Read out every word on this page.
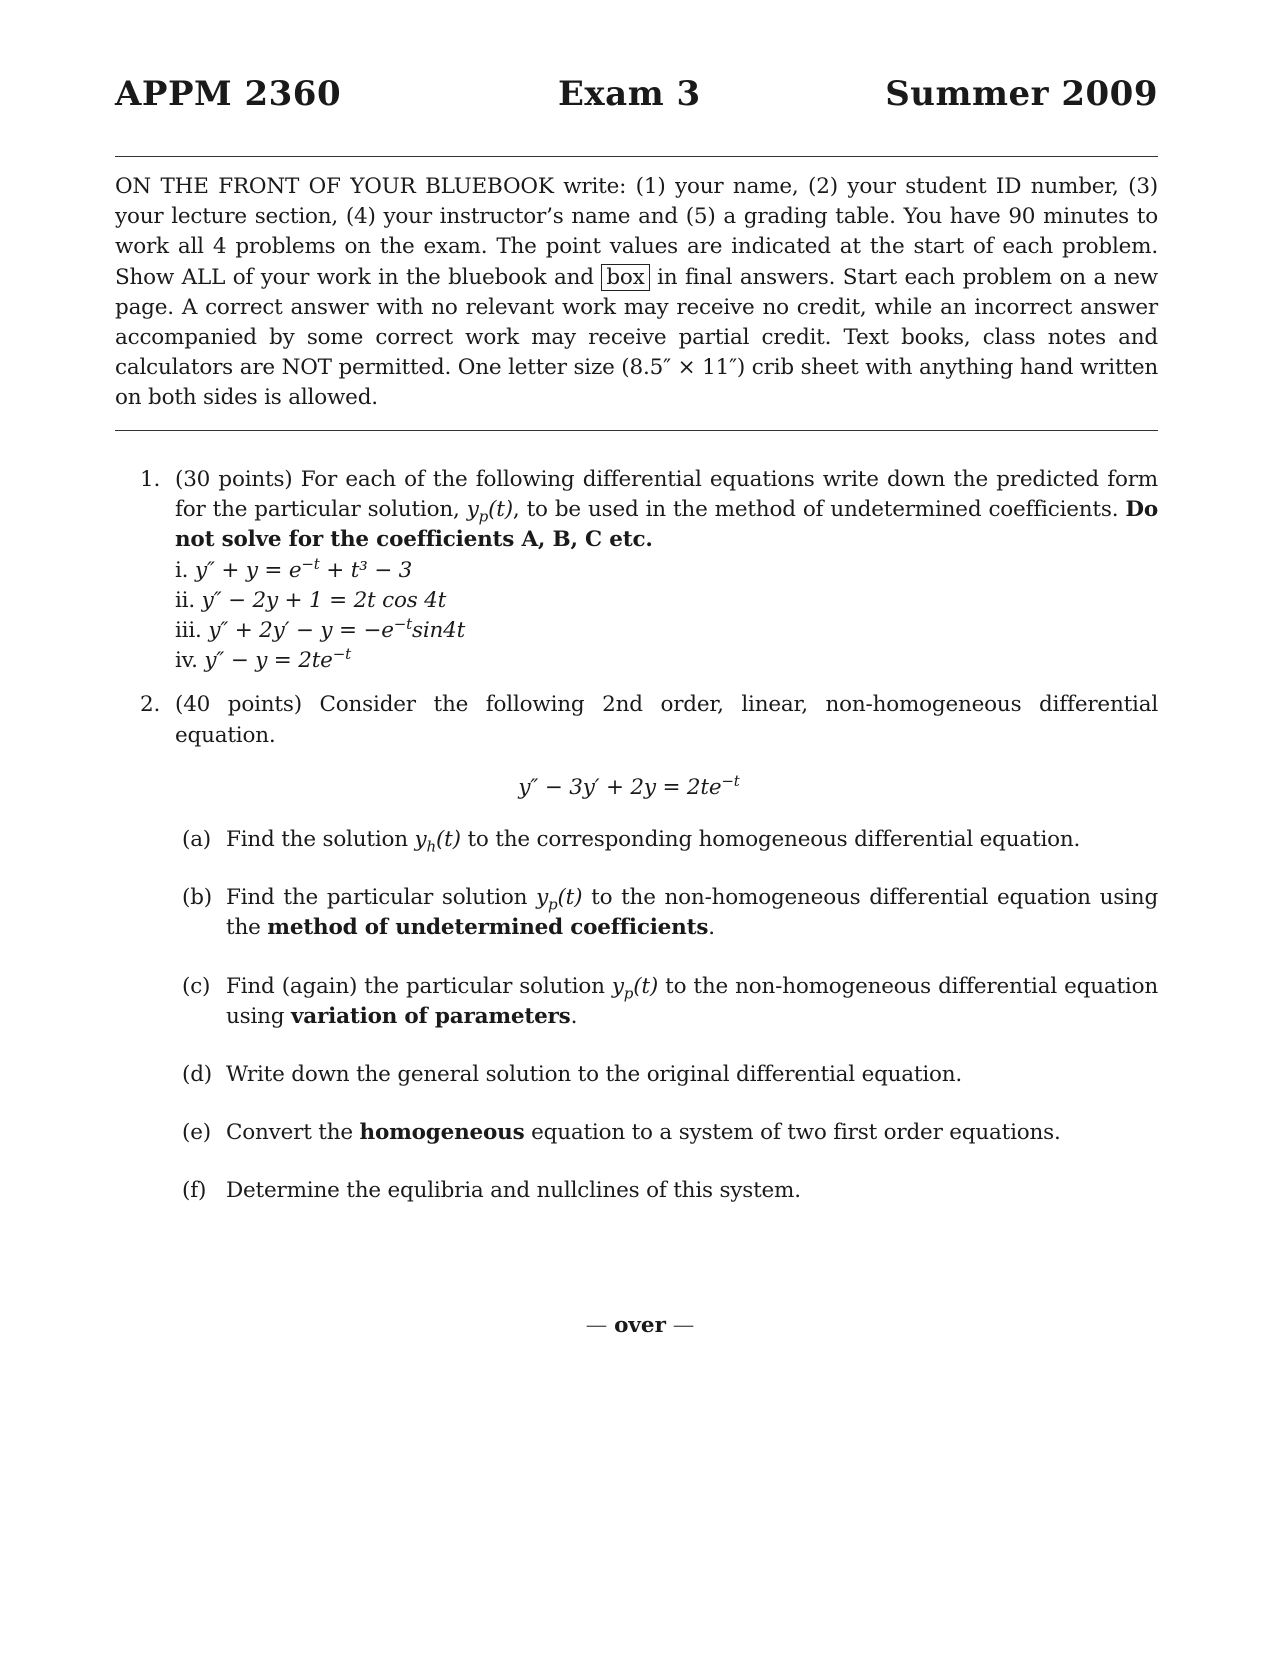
APPM 2360	Exam 3	Summer 2009
ON THE FRONT OF YOUR BLUEBOOK write: (1) your name, (2) your student ID number, (3) your lecture section, (4) your instructor’s name and (5) a grading table. You have 90 minutes to work all 4 problems on the exam. The point values are indicated at the start of each problem. Show ALL of your work in the bluebook and box in final answers. Start each problem on a new page. A correct answer with no relevant work may receive no credit, while an incorrect answer accompanied by some correct work may receive partial credit. Text books, class notes and calculators are NOT permitted. One letter size (8.5″ × 11″) crib sheet with anything hand written on both sides is allowed.
1. (30 points) For each of the following differential equations write down the predicted form for the particular solution, $y_p(t)$, to be used in the method of undetermined coefficients. Do not solve for the coefficients A, B, C etc.
i. $y'' + y = e^{-t} + t^3 - 3$
ii. y″ − 2y + 1 = 2t cos 4t
iii. $y'' + 2y' - y = -e^{-t}\sin 4t$
iv. $y'' - y = 2te^{-t}$
2. (40 points) Consider the following 2nd order, linear, non-homogeneous differential equation.
$y'' - 3y' + 2y = 2te^{-t}$
(a) Find the solution $y_h(t)$ to the corresponding homogeneous differential equation.
(b) Find the particular solution $y_p(t)$ to the non-homogeneous differential equation using the method of undetermined coefficients.
(c) Find (again) the particular solution $y_p(t)$ to the non-homogeneous differential equation using variation of parameters.
(d) Write down the general solution to the original differential equation.
(e) Convert the homogeneous equation to a system of two first order equations.
(f) Determine the equlibria and nullclines of this system.
— over —
